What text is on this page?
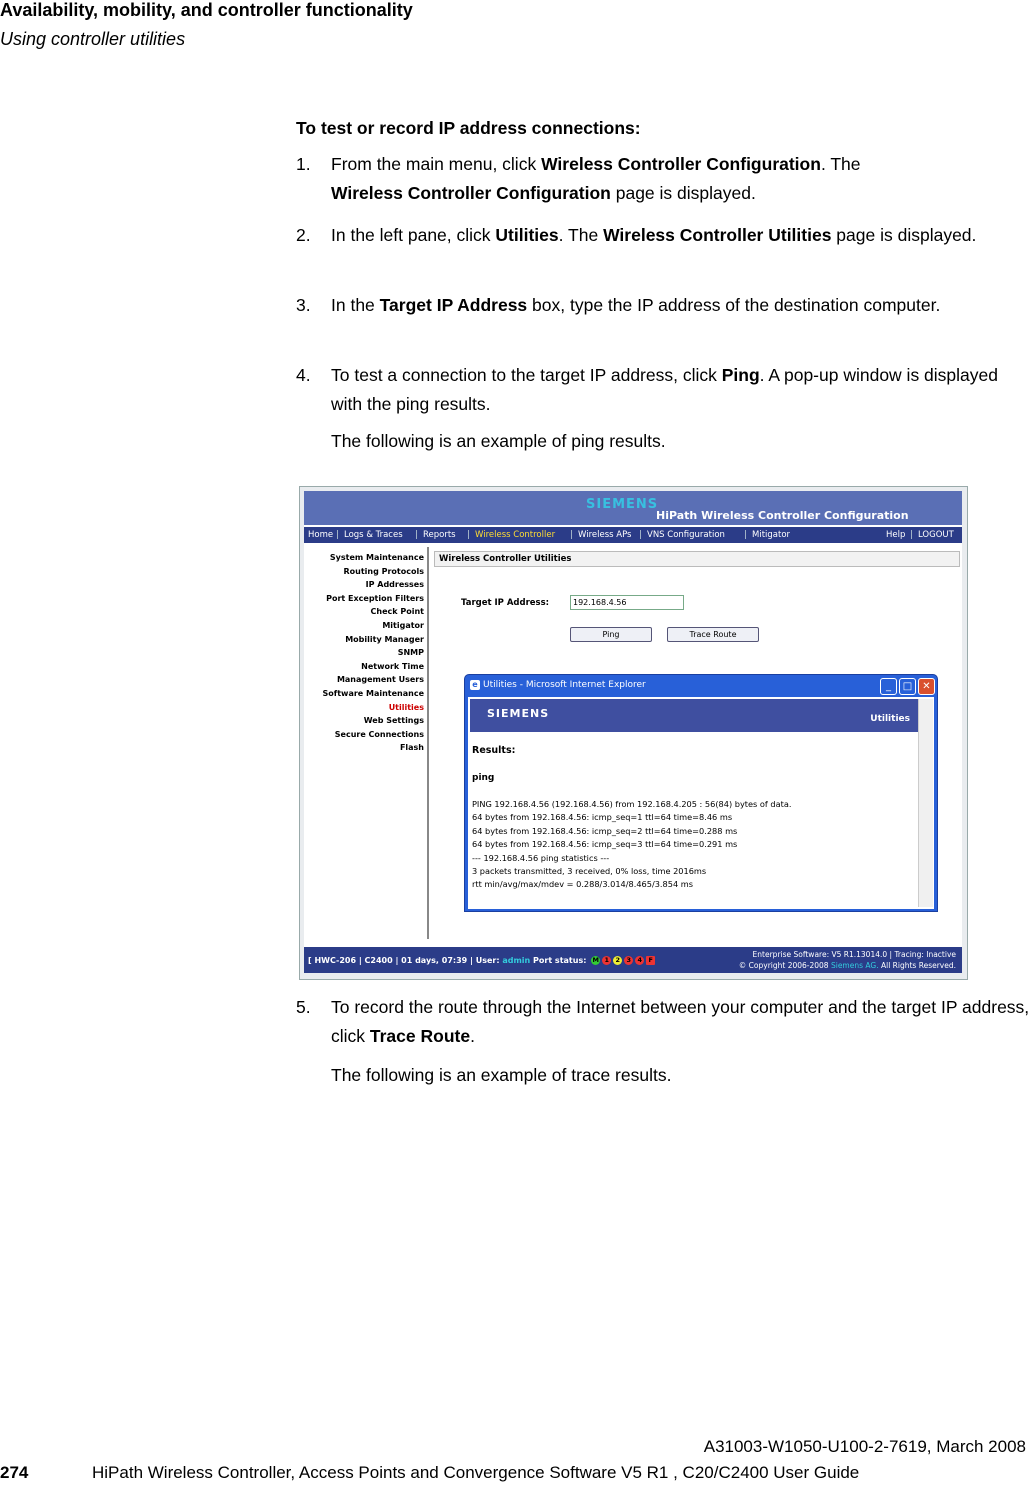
Availability, mobility, and controller functionality
Using controller utilities
To test or record IP address connections:
1.	From the main menu, click Wireless Controller Configuration. The
Wireless Controller Configuration page is displayed.
2.	In the left pane, click Utilities. The Wireless Controller Utilities page is displayed.
3.	In the Target IP Address box, type the IP address of the destination computer.
4.	To test a connection to the target IP address, click Ping. A pop-up window is displayed with the ping results.
The following is an example of ping results.
SIEMENS
HiPath Wireless Controller Configuration
Home | Logs & Traces | Reports | Wireless Controller | Wireless APs | VNS Configuration | Mitigator	Help | LOGOUT
System Maintenance
Routing Protocols
IP Addresses
Port Exception Filters
Check Point
Mitigator
Mobility Manager
SNMP
Network Time
Management Users
Software Maintenance
Utilities
Web Settings
Secure Connections
Flash
Wireless Controller Utilities
Target IP Address:	192.168.4.56
Ping	Trace Route
e Utilities - Microsoft Internet Explorer	_	□	✕
SIEMENS	Utilities
Results:
ping
PING 192.168.4.56 (192.168.4.56) from 192.168.4.205 : 56(84) bytes of data.
64 bytes from 192.168.4.56: icmp_seq=1 ttl=64 time=8.46 ms
64 bytes from 192.168.4.56: icmp_seq=2 ttl=64 time=0.288 ms
64 bytes from 192.168.4.56: icmp_seq=3 ttl=64 time=0.291 ms
--- 192.168.4.56 ping statistics ---
3 packets transmitted, 3 received, 0% loss, time 2016ms
rtt min/avg/max/mdev = 0.288/3.014/8.465/3.854 ms
[ HWC-206 | C2400 | 01 days, 07:39 | User: admin Port status: M 1 2 3 4 F
Enterprise Software: V5 R1.13014.0 | Tracing: Inactive
© Copyright 2006-2008 Siemens AG. All Rights Reserved.
5.	To record the route through the Internet between your computer and the target IP address, click Trace Route.
The following is an example of trace results.
A31003-W1050-U100-2-7619, March 2008
274	HiPath Wireless Controller, Access Points and Convergence Software V5 R1 , C20/C2400 User Guide
